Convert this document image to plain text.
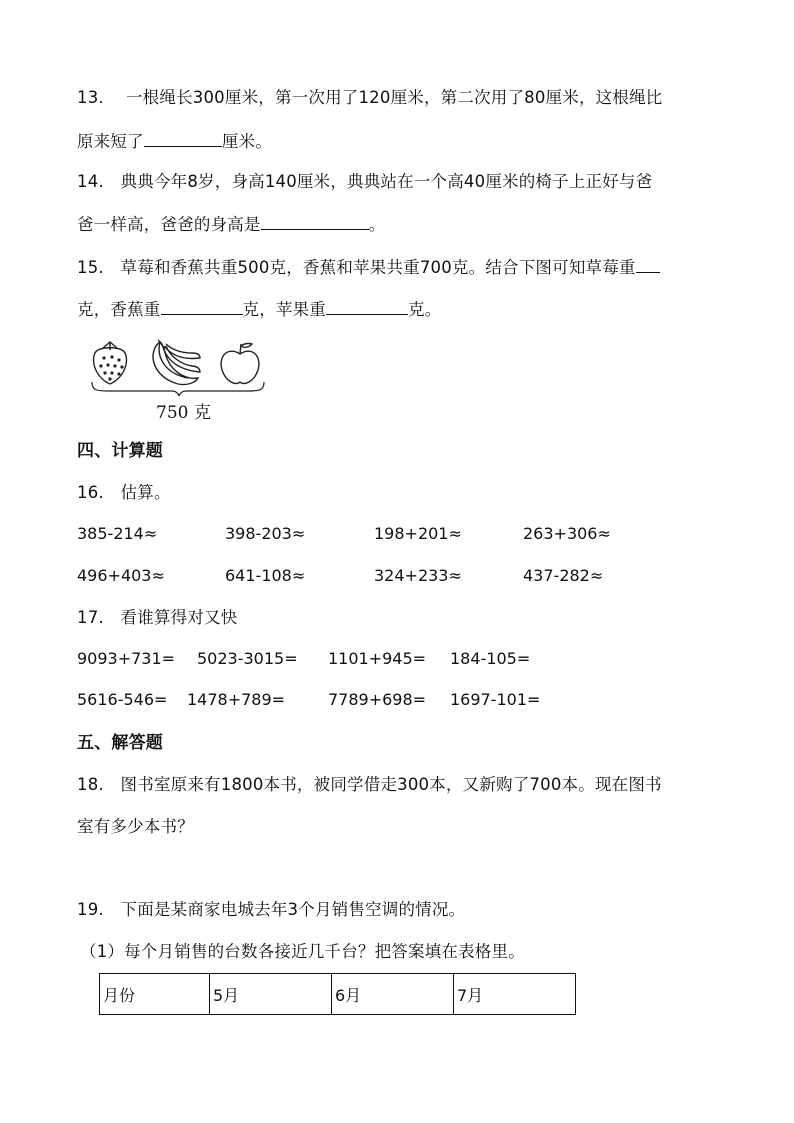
13.　 一根绳长300厘米，第一次用了120厘米，第二次用了80厘米，这根绳比
原来短了	厘米。
14.　典典今年8岁，身高140厘米，典典站在一个高40厘米的椅子上正好与爸
爸一样高，爸爸的身高是	。
15.　草莓和香蕉共重500克，香蕉和苹果共重700克。结合下图可知草莓重
克，香蕉重	克，苹果重	克。
750 克
四、计算题
16.　估算。
385-214≈	398-203≈	198+201≈	263+306≈
496+403≈	641-108≈	324+233≈	437-282≈
17.　看谁算得对又快
9093+731= 5023-3015= 1101+945= 184-105=
5616-546= 1478+789=	7789+698= 1697-101=
五、解答题
18.　图书室原来有1800本书，被同学借走300本，又新购了700本。现在图书
室有多少本书？
19.　下面是某商家电城去年3个月销售空调的情况。
（1）每个月销售的台数各接近几千台？把答案填在表格里。
月份	5月	6月	7月
